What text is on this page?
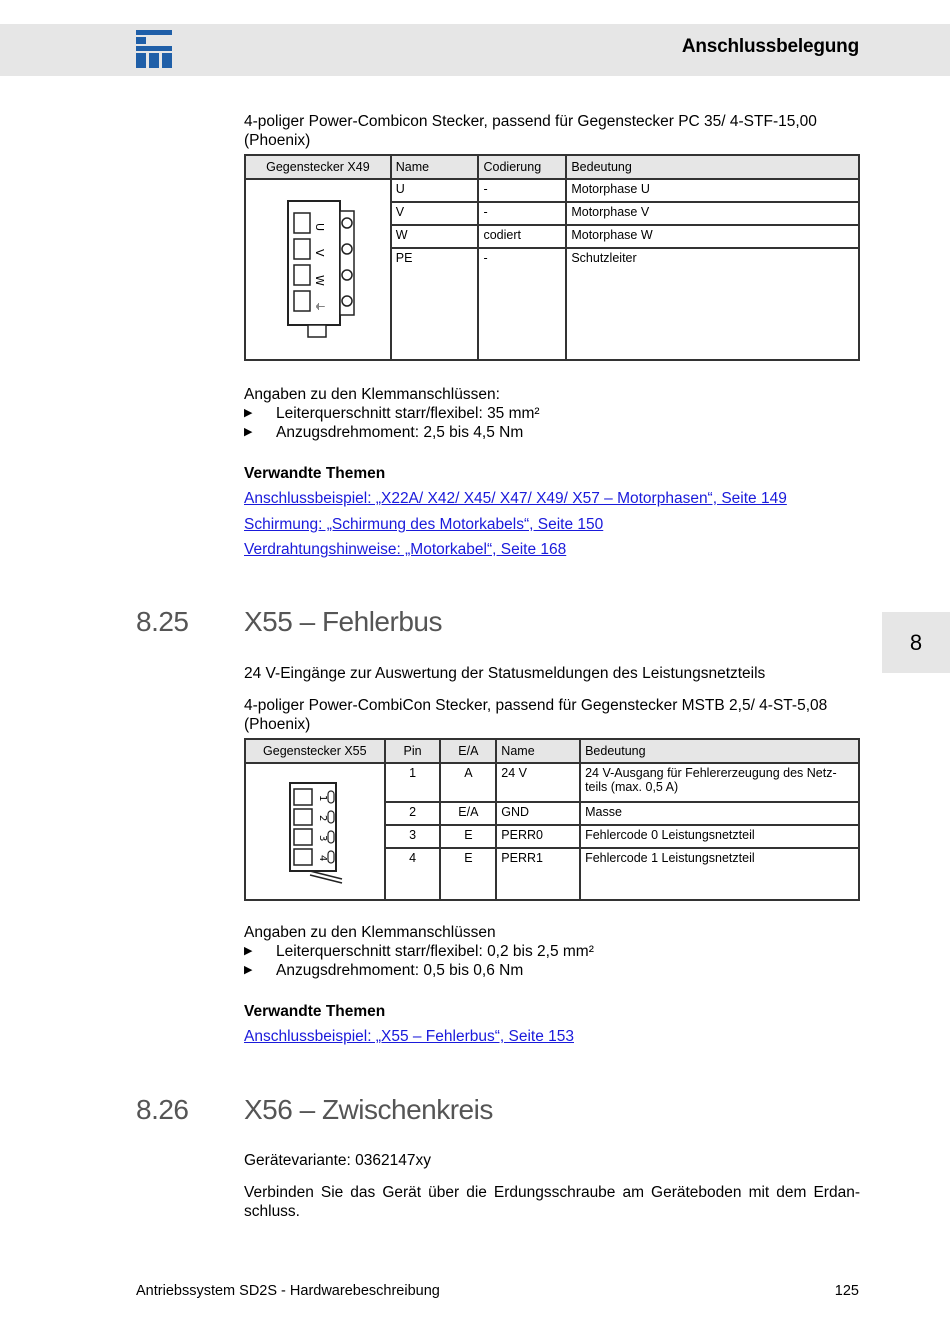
Anschlussbelegung
8
4-poliger Power-Combicon Stecker, passend für Gegenstecker PC 35/ 4-STF-15,00 (Phoenix)
Gegenstecker X49	Name	Codierung	Bedeutung

U
V
W
⏚	U	-	Motorphase U
	V	-	Motorphase V
	W	codiert	Motorphase W
	PE	-	Schutzleiter
Angaben zu den Klemmanschlüssen:
▶ Leiterquerschnitt starr/flexibel: 35 mm²
▶ Anzugsdrehmoment: 2,5 bis 4,5 Nm
Verwandte Themen
Anschlussbeispiel: „X22A/ X42/ X45/ X47/ X49/ X57 – Motorphasen“, Seite 149
Schirmung: „Schirmung des Motorkabels“, Seite 150
Verdrahtungshinweise: „Motorkabel“, Seite 168
8.25 X55 – Fehlerbus
24 V-Eingänge zur Auswertung der Statusmeldungen des Leistungsnetzteils
4-poliger Power-CombiCon Stecker, passend für Gegenstecker MSTB 2,5/ 4-ST-5,08 (Phoenix)
Gegenstecker X55	Pin	E/A	Name	Bedeutung

1
2
3
4	1	A	24 V	24 V-Ausgang für Fehlererzeugung des Netz-teils (max. 0,5 A)
	2	E/A	GND	Masse
	3	E	PERR0	Fehlercode 0 Leistungsnetzteil
	4	E	PERR1	Fehlercode 1 Leistungsnetzteil
Angaben zu den Klemmanschlüssen
▶ Leiterquerschnitt starr/flexibel: 0,2 bis 2,5 mm²
▶ Anzugsdrehmoment: 0,5 bis 0,6 Nm
Verwandte Themen
Anschlussbeispiel: „X55 – Fehlerbus“, Seite 153
8.26 X56 – Zwischenkreis
Gerätevariante: 0362147xy
Verbinden Sie das Gerät über die Erdungsschraube am Geräteboden mit dem Erdan-schluss.
Antriebssystem SD2S - Hardwarebeschreibung	125
